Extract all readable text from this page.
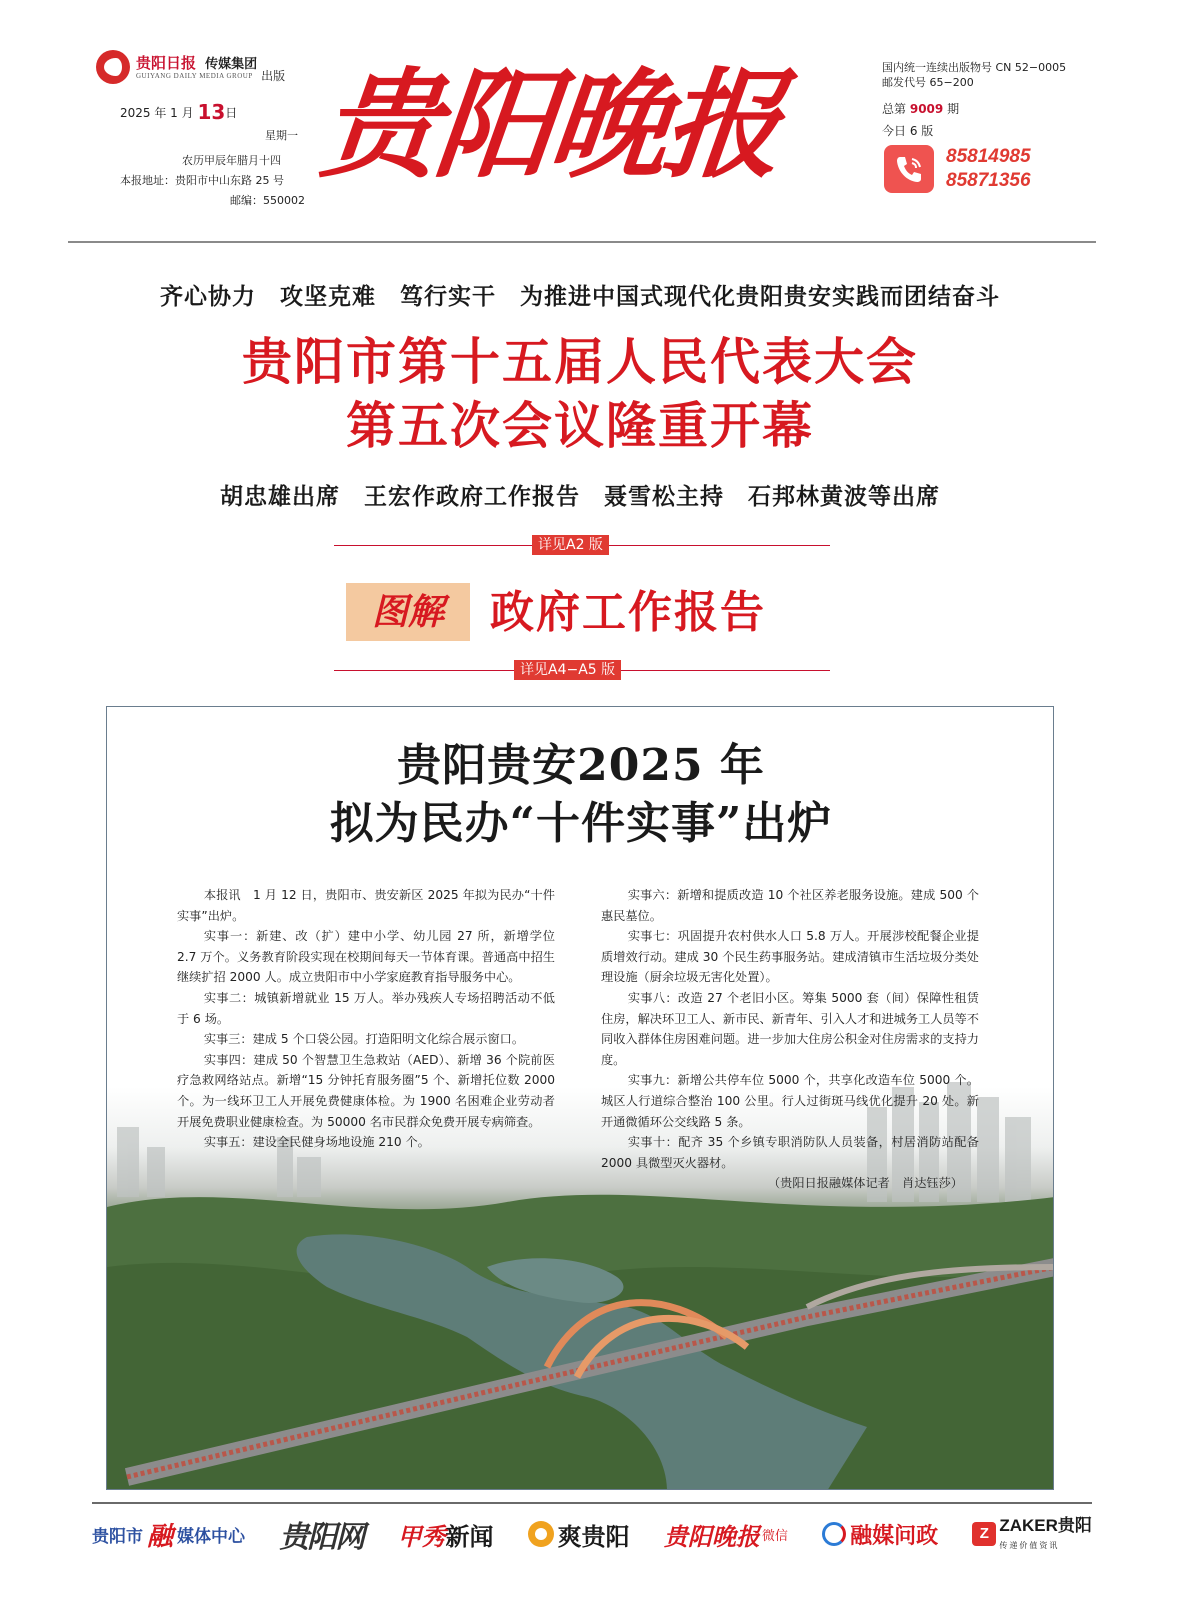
贵阳日报 传媒集团
GUIYANG DAILY MEDIA GROUP 出版
2025 年 1 月 13日
星期一
农历甲辰年腊月十四
本报地址：贵阳市中山东路 25 号
邮编：550002
贵阳晚报	国内统一连续出版物号 CN 52−0005
邮发代号 65−200
总第 9009 期
今日 6 版
85814985
85871356
齐心协力　攻坚克难　笃行实干　为推进中国式现代化贵阳贵安实践而团结奋斗
贵阳市第十五届人民代表大会
第五次会议隆重开幕
胡忠雄出席　王宏作政府工作报告　聂雪松主持　石邦林黄波等出席
详见A2 版
图解	政府工作报告
详见A4−A5 版
贵阳贵安2025 年
拟为民办“十件实事”出炉

本报讯　1 月 12 日，贵阳市、贵安新区 2025 年拟为民办“十件实事”出炉。

实事一：新建、改（扩）建中小学、幼儿园 27 所，新增学位 2.7 万个。义务教育阶段实现在校期间每天一节体育课。普通高中招生继续扩招 2000 人。成立贵阳市中小学家庭教育指导服务中心。

实事二：城镇新增就业 15 万人。举办残疾人专场招聘活动不低于 6 场。

实事三：建成 5 个口袋公园。打造阳明文化综合展示窗口。

实事四：建成 50 个智慧卫生急救站（AED）、新增 36 个院前医疗急救网络站点。新增“15 分钟托育服务圈”5 个、新增托位数 2000 个。为一线环卫工人开展免费健康体检。为 1900 名困难企业劳动者开展免费职业健康检查。为 50000 名市民群众免费开展专病筛查。

实事五：建设全民健身场地设施 210 个。

实事六：新增和提质改造 10 个社区养老服务设施。建成 500 个惠民墓位。

实事七：巩固提升农村供水人口 5.8 万人。开展涉校配餐企业提质增效行动。建成 30 个民生药事服务站。建成清镇市生活垃圾分类处理设施（厨余垃圾无害化处置）。

实事八：改造 27 个老旧小区。筹集 5000 套（间）保障性租赁住房，解决环卫工人、新市民、新青年、引入人才和进城务工人员等不同收入群体住房困难问题。进一步加大住房公积金对住房需求的支持力度。

实事九：新增公共停车位 5000 个，共享化改造车位 5000 个。城区人行道综合整治 100 公里。行人过街斑马线优化提升 20 处。新开通微循环公交线路 5 条。

实事十：配齐 35 个乡镇专职消防队人员装备，村居消防站配备 2000 具微型灭火器材。

（贵阳日报融媒体记者　肖达钰莎）
贵阳市 融 媒体中心 贵阳网 甲秀 新闻	爽贵阳 贵阳晚报 微信	融媒问政	Z ZAKER贵阳
传递价值资讯
